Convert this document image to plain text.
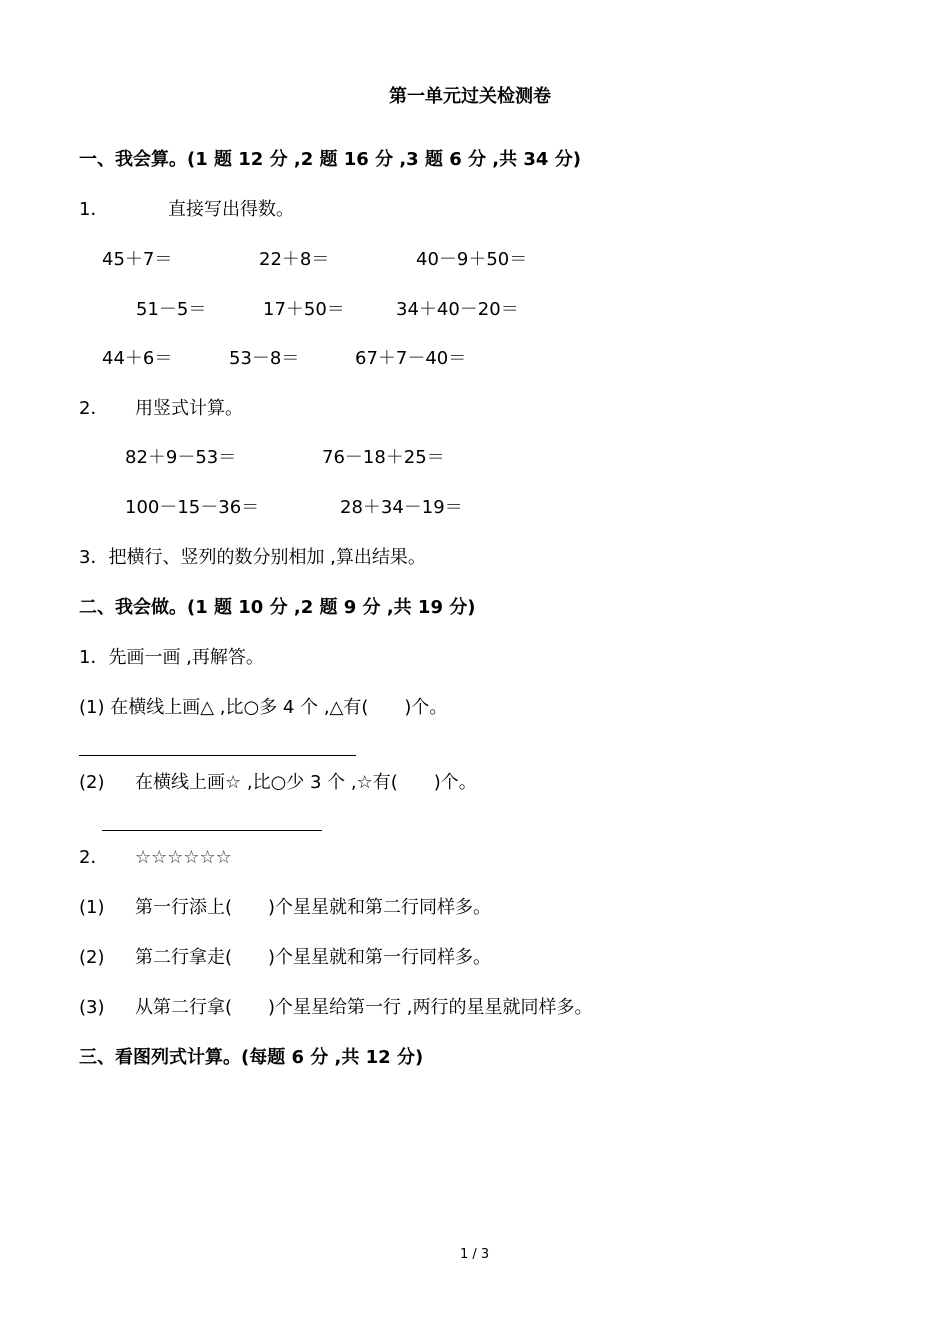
第一单元过关检测卷
一、我会算。(1 题 12 分 ,2 题 16 分 ,3 题 6 分 ,共 34 分)
1．	直接写出得数。
45＋7＝	22＋8＝	40－9＋50＝
51－5＝	17＋50＝	34＋40－20＝
44＋6＝	53－8＝	67＋7－40＝
2． 用竖式计算。
82＋9－53＝	76－18＋25＝
100－15－36＝	28＋34－19＝
3．把横行、竖列的数分别相加 ,算出结果。
二、我会做。(1 题 10 分 ,2 题 9 分 ,共 19 分)
1．先画一画 ,再解答。
(1) 在横线上画△ ,比○多 4 个 ,△有(　　)个。
(2) 在横线上画☆ ,比○少 3 个 ,☆有(　　)个。
2． ☆☆☆☆☆☆
(1) 第一行添上(　　)个星星就和第二行同样多。
(2) 第二行拿走(　　)个星星就和第一行同样多。
(3) 从第二行拿(　　)个星星给第一行 ,两行的星星就同样多。
三、看图列式计算。(每题 6 分 ,共 12 分)
1 / 3
